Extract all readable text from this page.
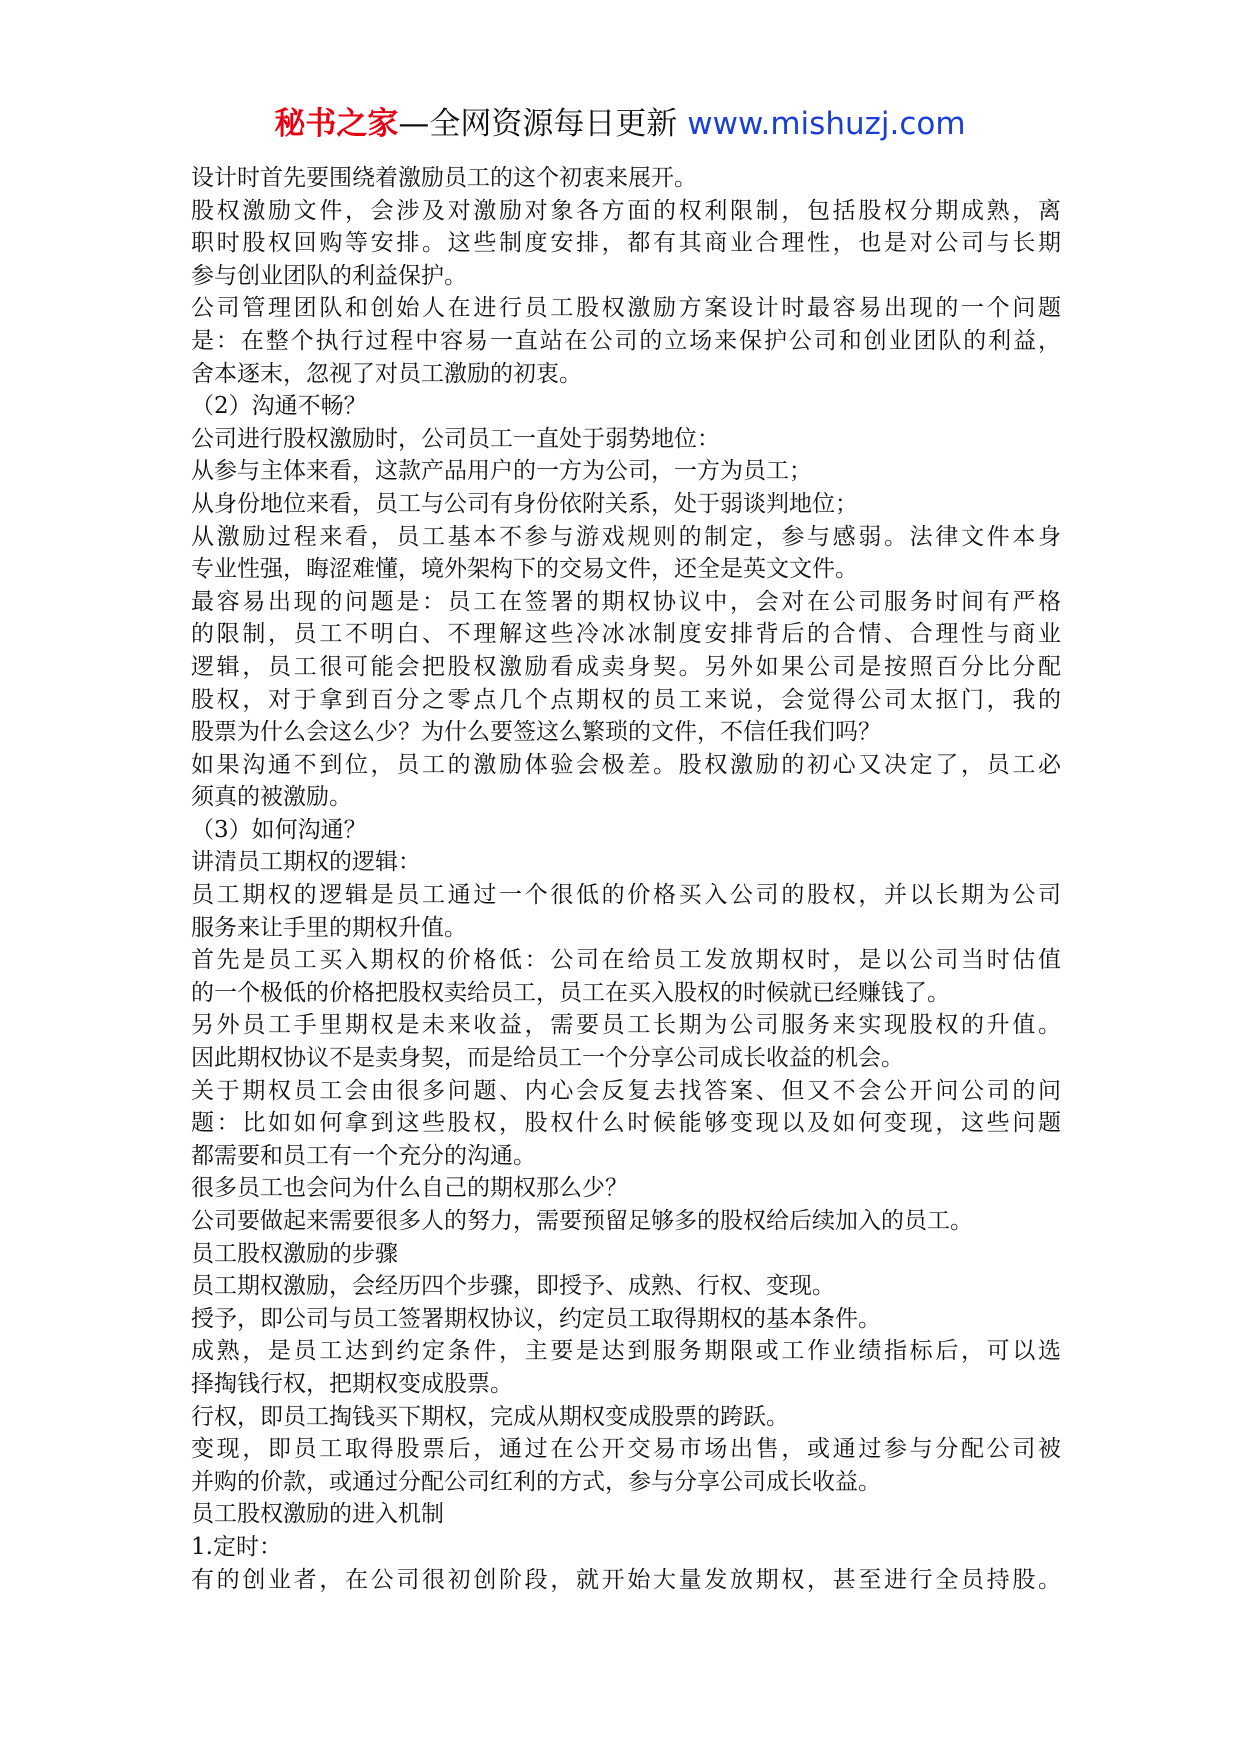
秘书之家—全网资源每日更新 www.mishuzj.com
设计时首先要围绕着激励员工的这个初衷来展开。
股权激励文件，会涉及对激励对象各方面的权利限制，包括股权分期成熟，离
职时股权回购等安排。这些制度安排，都有其商业合理性，也是对公司与长期
参与创业团队的利益保护。
公司管理团队和创始人在进行员工股权激励方案设计时最容易出现的一个问题
是：在整个执行过程中容易一直站在公司的立场来保护公司和创业团队的利益，
舍本逐末，忽视了对员工激励的初衷。
（2）沟通不畅？
公司进行股权激励时，公司员工一直处于弱势地位：
从参与主体来看，这款产品用户的一方为公司，一方为员工；
从身份地位来看，员工与公司有身份依附关系，处于弱谈判地位；
从激励过程来看，员工基本不参与游戏规则的制定，参与感弱。法律文件本身
专业性强，晦涩难懂，境外架构下的交易文件，还全是英文文件。
最容易出现的问题是：员工在签署的期权协议中，会对在公司服务时间有严格
的限制，员工不明白、不理解这些冷冰冰制度安排背后的合情、合理性与商业
逻辑，员工很可能会把股权激励看成卖身契。另外如果公司是按照百分比分配
股权，对于拿到百分之零点几个点期权的员工来说，会觉得公司太抠门，我的
股票为什么会这么少？为什么要签这么繁琐的文件，不信任我们吗？
如果沟通不到位，员工的激励体验会极差。股权激励的初心又决定了，员工必
须真的被激励。
（3）如何沟通？
讲清员工期权的逻辑：
员工期权的逻辑是员工通过一个很低的价格买入公司的股权，并以长期为公司
服务来让手里的期权升值。
首先是员工买入期权的价格低：公司在给员工发放期权时，是以公司当时估值
的一个极低的价格把股权卖给员工，员工在买入股权的时候就已经赚钱了。
另外员工手里期权是未来收益，需要员工长期为公司服务来实现股权的升值。
因此期权协议不是卖身契，而是给员工一个分享公司成长收益的机会。
关于期权员工会由很多问题、内心会反复去找答案、但又不会公开问公司的问
题：比如如何拿到这些股权，股权什么时候能够变现以及如何变现，这些问题
都需要和员工有一个充分的沟通。
很多员工也会问为什么自己的期权那么少？
公司要做起来需要很多人的努力，需要预留足够多的股权给后续加入的员工。
员工股权激励的步骤
员工期权激励，会经历四个步骤，即授予、成熟、行权、变现。
授予，即公司与员工签署期权协议，约定员工取得期权的基本条件。
成熟，是员工达到约定条件，主要是达到服务期限或工作业绩指标后，可以选
择掏钱行权，把期权变成股票。
行权，即员工掏钱买下期权，完成从期权变成股票的跨跃。
变现，即员工取得股票后，通过在公开交易市场出售，或通过参与分配公司被
并购的价款，或通过分配公司红利的方式，参与分享公司成长收益。
员工股权激励的进入机制
1.定时：
有的创业者，在公司很初创阶段，就开始大量发放期权，甚至进行全员持股。
